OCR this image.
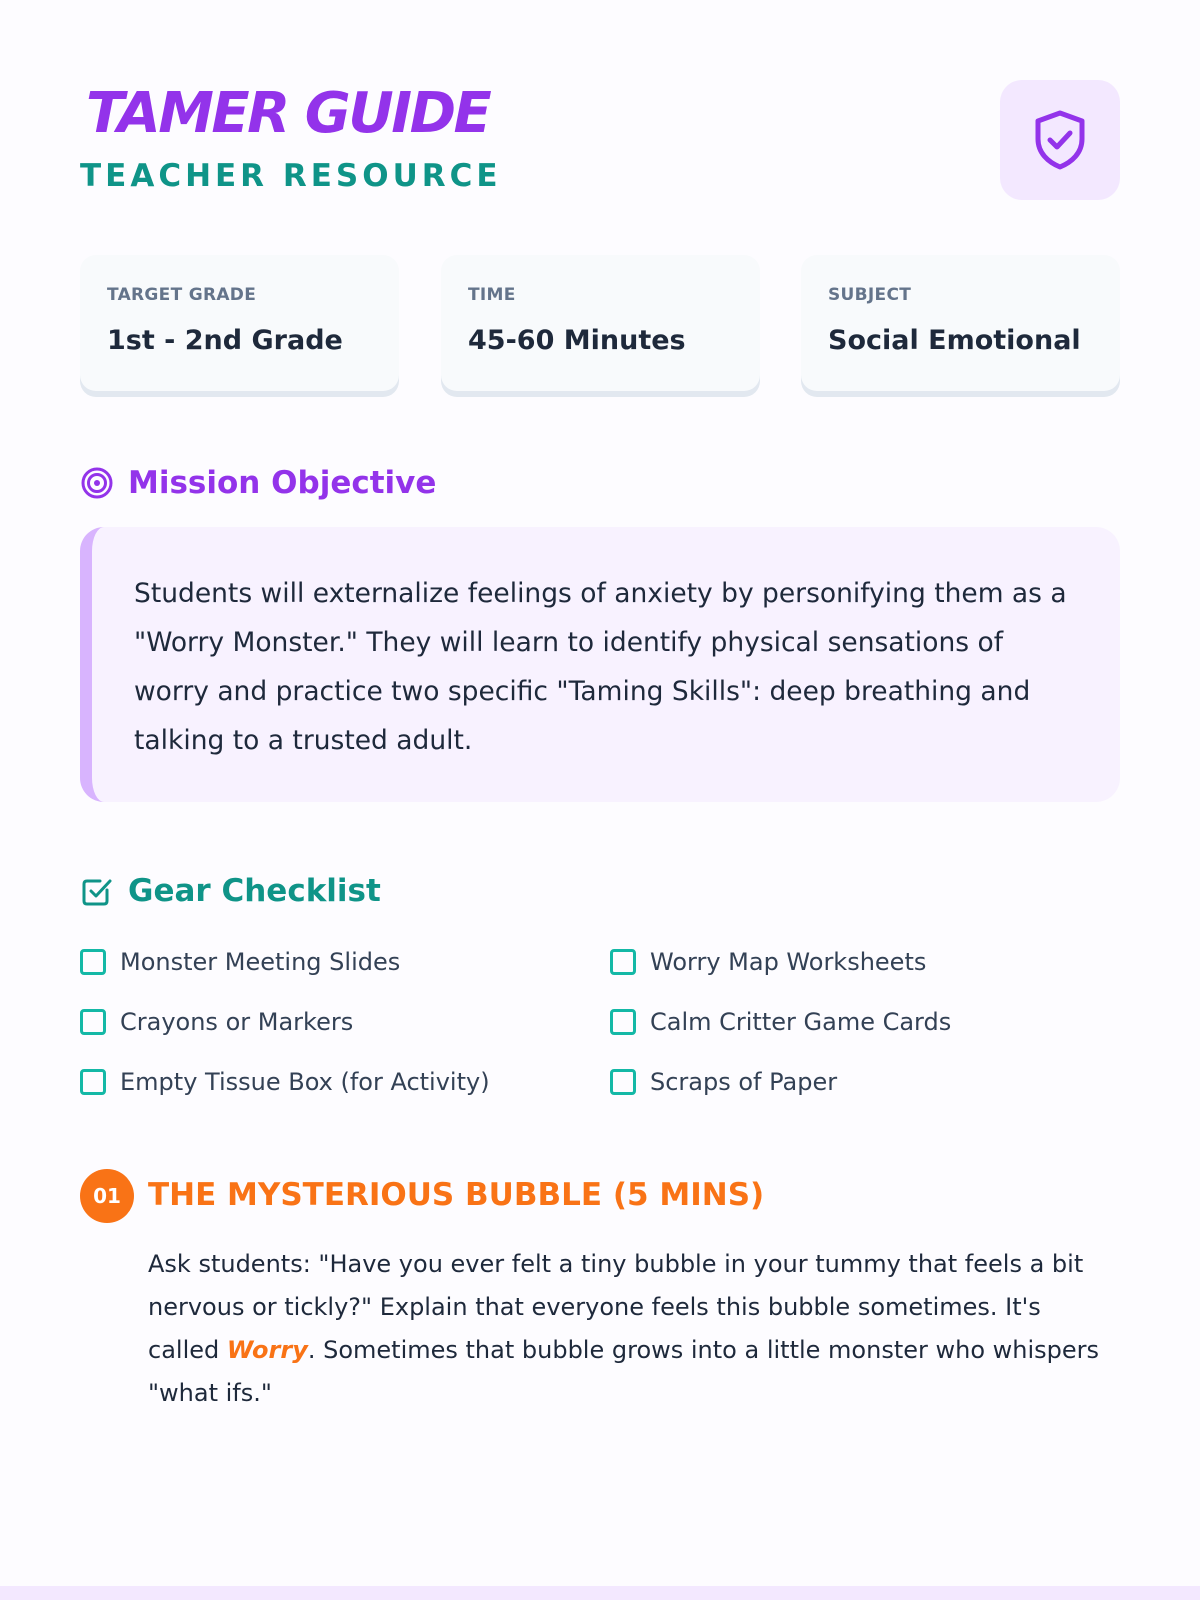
TAMER GUIDE
TEACHER RESOURCE
TARGET GRADE
1st - 2nd Grade
TIME
45-60 Minutes
SUBJECT
Social Emotional
Mission Objective

Students will externalize feelings of anxiety by personifying them as a "Worry Monster." They will learn to identify physical sensations of worry and practice two specific "Taming Skills": deep breathing and talking to a trusted adult.

Gear Checklist
Monster Meeting Slides	Worry Map Worksheets
Crayons or Markers	Calm Critter Game Cards
Empty Tissue Box (for Activity)	Scraps of Paper
01 THE MYSTERIOUS BUBBLE (5 MINS)
Ask students: "Have you ever felt a tiny bubble in your tummy that feels a bit nervous or tickly?" Explain that everyone feels this bubble sometimes. It's called Worry. Sometimes that bubble grows into a little monster who whispers "what ifs."
